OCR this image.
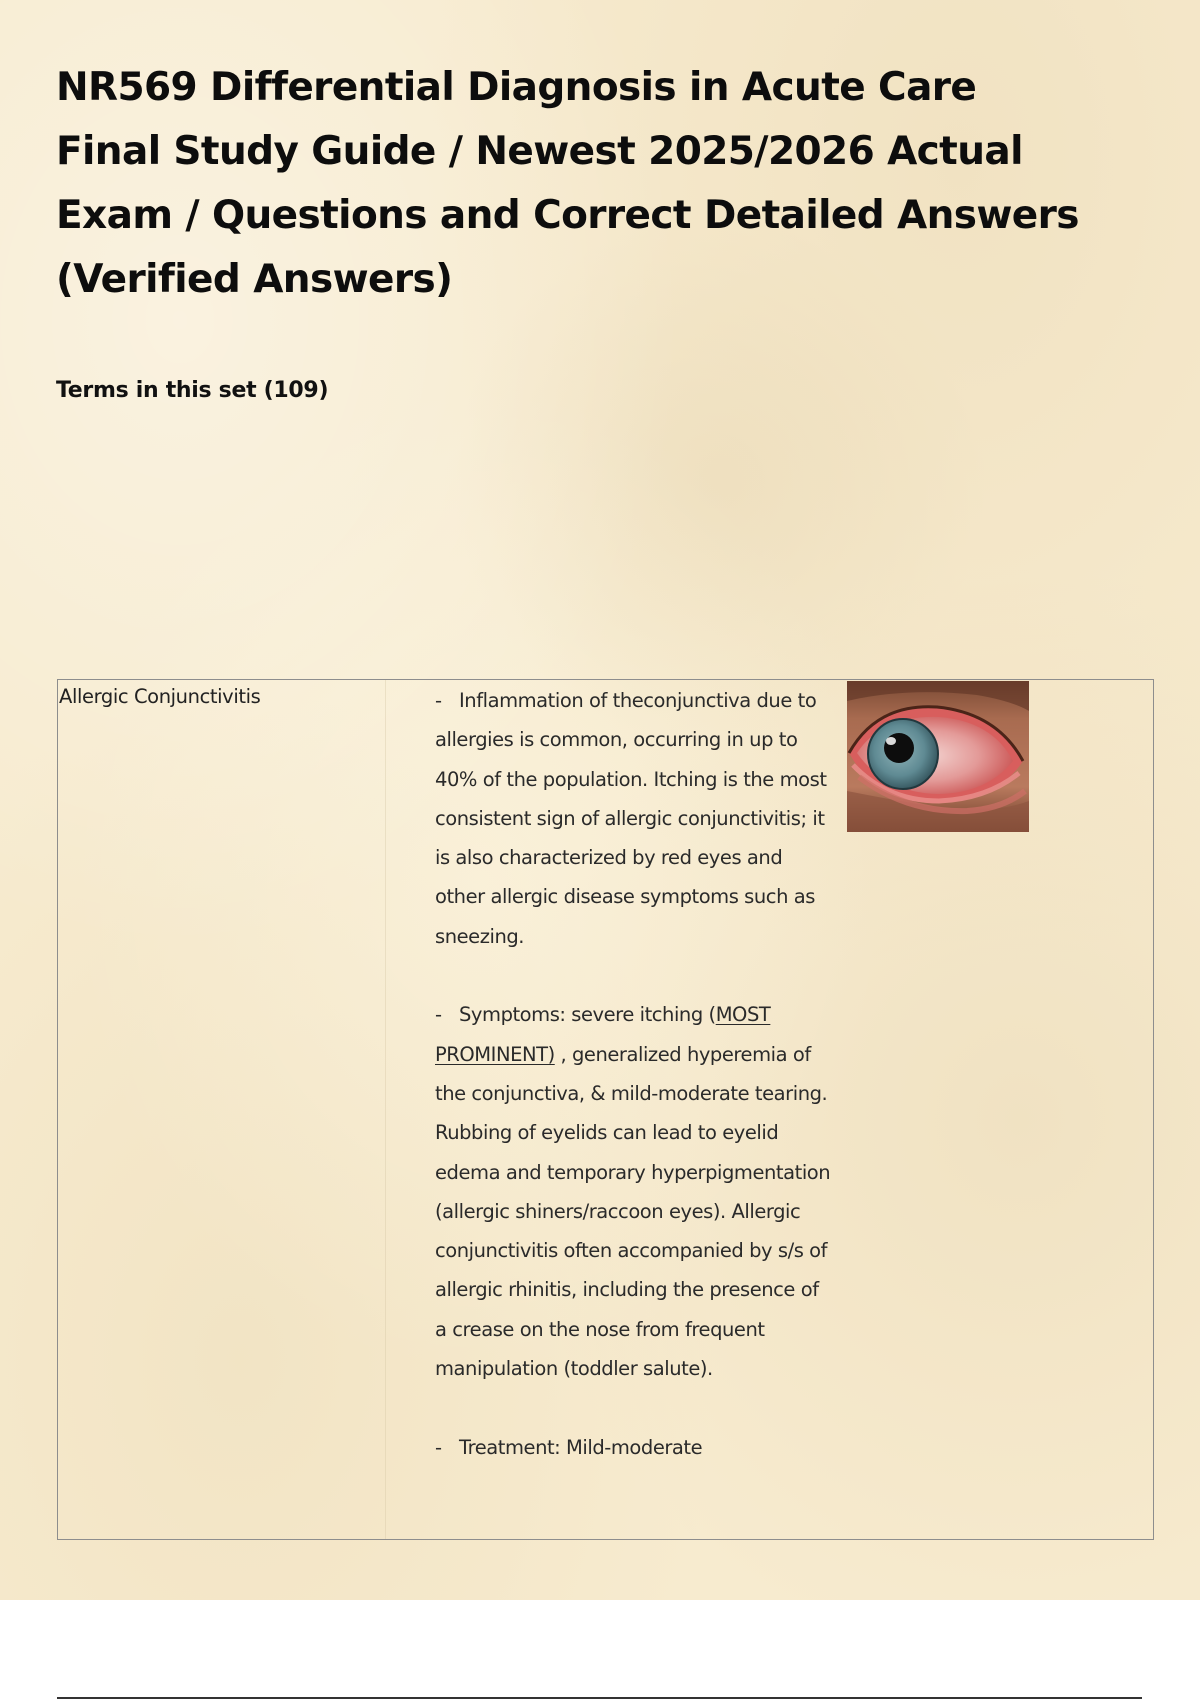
NR569 Differential Diagnosis in Acute Care Final Study Guide / Newest 2025/2026 Actual Exam / Questions and Correct Detailed Answers (Verified Answers)

Terms in this set (109)

Allergic Conjunctivitis	- Inflammation of theconjunctiva due to allergies is common, occurring in up to 40% of the population. Itching is the most consistent sign of allergic conjunctivitis; it is also characterized by red eyes and other allergic disease symptoms such as sneezing.

- Symptoms: severe itching (MOST PROMINENT) , generalized hyperemia of the conjunctiva, & mild-moderate tearing. Rubbing of eyelids can lead to eyelid edema and temporary hyperpigmentation (allergic shiners/raccoon eyes). Allergic conjunctivitis often accompanied by s/s of allergic rhinitis, including the presence of a crease on the nose from frequent manipulation (toddler salute).

- Treatment: Mild-moderate
